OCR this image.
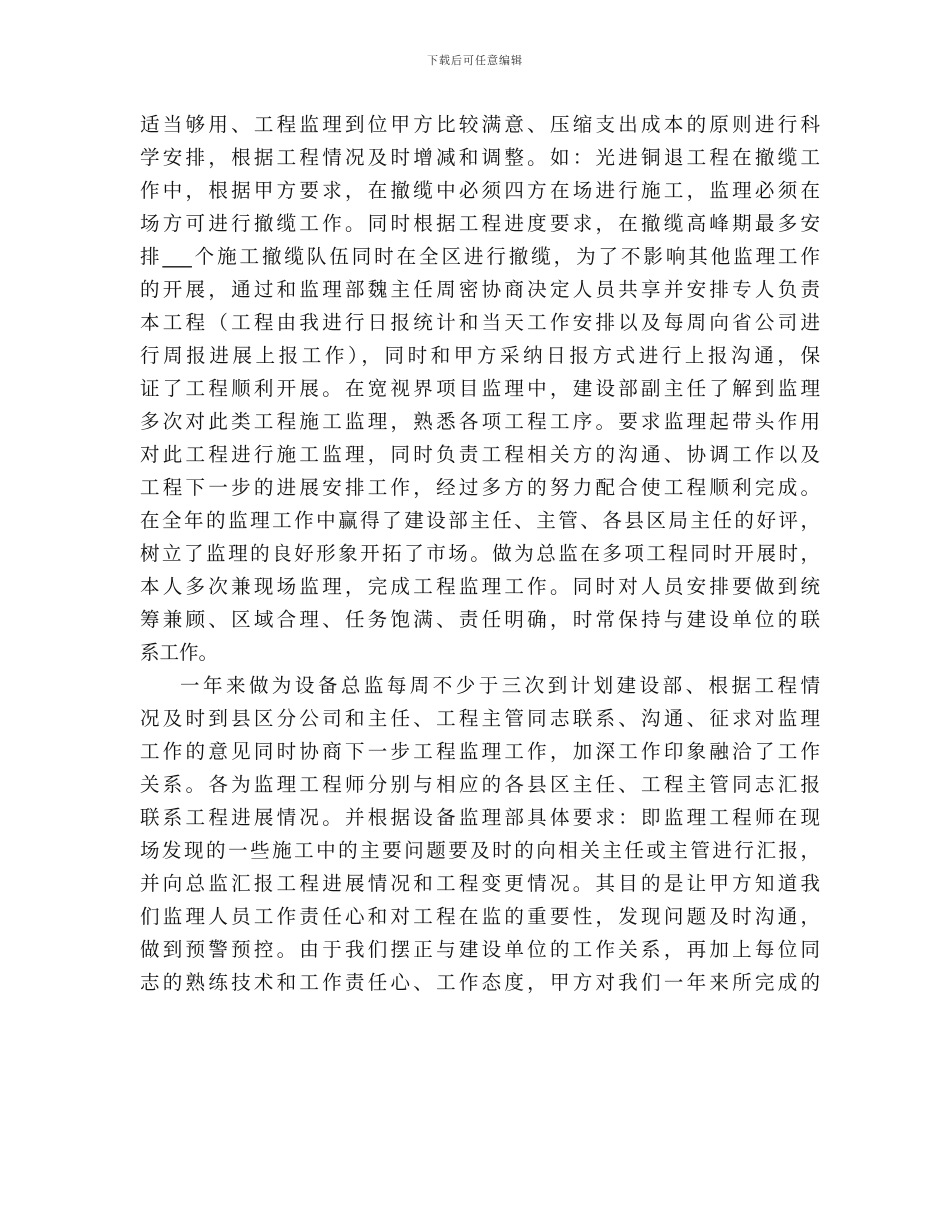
下载后可任意编辑
适当够用、工程监理到位甲方比较满意、压缩支出成本的原则进行科
学安排，根据工程情况及时增减和调整。如：光进铜退工程在撤缆工
作中，根据甲方要求，在撤缆中必须四方在场进行施工，监理必须在
场方可进行撤缆工作。同时根据工程进度要求，在撤缆高峰期最多安
排___个施工撤缆队伍同时在全区进行撤缆，为了不影响其他监理工作
的开展，通过和监理部魏主任周密协商决定人员共享并安排专人负责
本工程（工程由我进行日报统计和当天工作安排以及每周向省公司进
行周报进展上报工作），同时和甲方采纳日报方式进行上报沟通，保
证了工程顺利开展。在宽视界项目监理中，建设部副主任了解到监理
多次对此类工程施工监理，熟悉各项工程工序。要求监理起带头作用
对此工程进行施工监理，同时负责工程相关方的沟通、协调工作以及
工程下一步的进展安排工作，经过多方的努力配合使工程顺利完成。
在全年的监理工作中赢得了建设部主任、主管、各县区局主任的好评，
树立了监理的良好形象开拓了市场。做为总监在多项工程同时开展时，
本人多次兼现场监理，完成工程监理工作。同时对人员安排要做到统
筹兼顾、区域合理、任务饱满、责任明确，时常保持与建设单位的联
系工作。
一年来做为设备总监每周不少于三次到计划建设部、根据工程情
况及时到县区分公司和主任、工程主管同志联系、沟通、征求对监理
工作的意见同时协商下一步工程监理工作，加深工作印象融洽了工作
关系。各为监理工程师分别与相应的各县区主任、工程主管同志汇报
联系工程进展情况。并根据设备监理部具体要求：即监理工程师在现
场发现的一些施工中的主要问题要及时的向相关主任或主管进行汇报，
并向总监汇报工程进展情况和工程变更情况。其目的是让甲方知道我
们监理人员工作责任心和对工程在监的重要性，发现问题及时沟通，
做到预警预控。由于我们摆正与建设单位的工作关系，再加上每位同
志的熟练技术和工作责任心、工作态度，甲方对我们一年来所完成的
